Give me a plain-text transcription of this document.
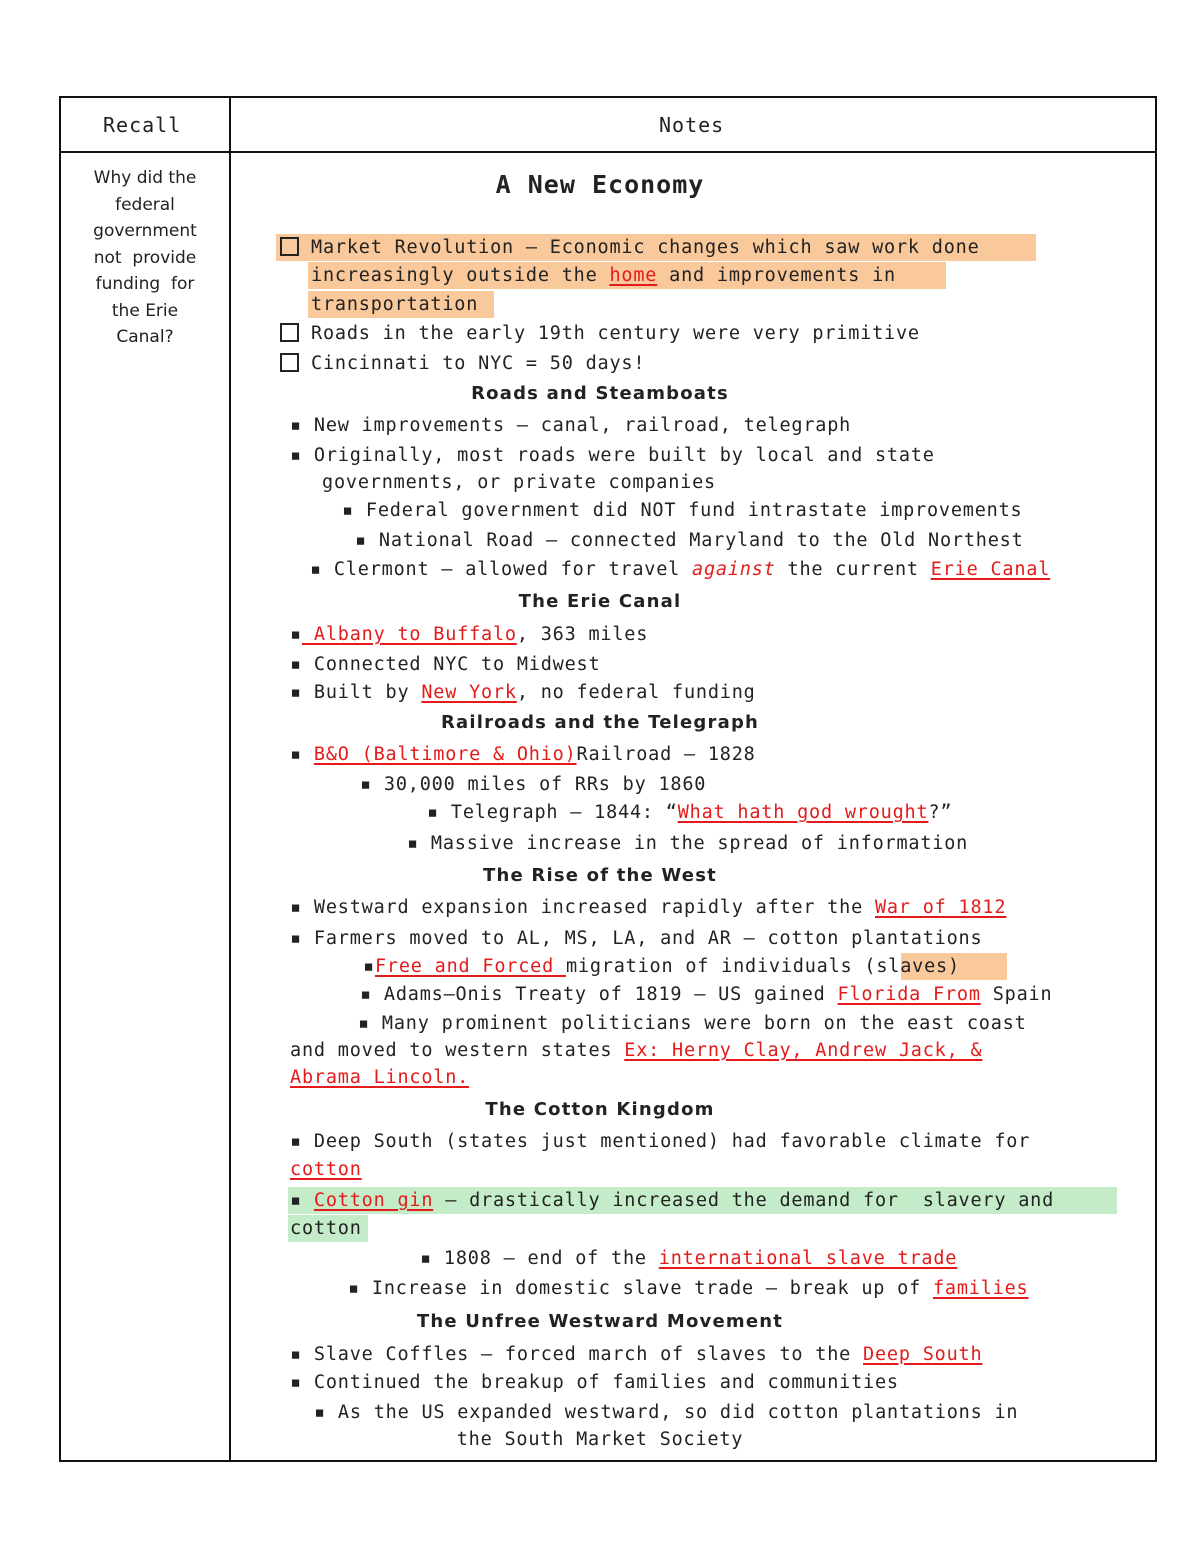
Recall	Notes
Why did the
federal
government
not  provide
funding  for
the Erie
Canal?
A New Economy
Market Revolution – Economic changes which saw work done
increasingly outside the home and improvements in
transportation
Roads in the early 19th century were very primitive
Cincinnati to NYC = 50 days!
Roads and Steamboats
▪ New improvements – canal, railroad, telegraph
▪ Originally, most roads were built by local and state
governments, or private companies
▪ Federal government did NOT fund intrastate improvements
▪ National Road – connected Maryland to the Old Northest
▪ Clermont – allowed for travel against the current Erie Canal
The Erie Canal
▪ Albany to Buffalo, 363 miles
▪ Connected NYC to Midwest
▪ Built by New York, no federal funding
Railroads and the Telegraph
▪ B&O (Baltimore & Ohio)Railroad – 1828
▪ 30,000 miles of RRs by 1860
▪ Telegraph – 1844: “What hath god wrought?”
▪ Massive increase in the spread of information
The Rise of the West
▪ Westward expansion increased rapidly after the War of 1812
▪ Farmers moved to AL, MS, LA, and AR – cotton plantations
▪Free and Forced migration of individuals (slaves)
▪ Adams–Onis Treaty of 1819 – US gained Florida From Spain
▪ Many prominent politicians were born on the east coast
and moved to western states Ex: Herny Clay, Andrew Jack, &
Abrama Lincoln.
The Cotton Kingdom
▪ Deep South (states just mentioned) had favorable climate for
cotton
▪ Cotton gin – drastically increased the demand for  slavery and
cotton
▪ 1808 – end of the international slave trade
▪ Increase in domestic slave trade – break up of families
The Unfree Westward Movement
▪ Slave Coffles – forced march of slaves to the Deep South
▪ Continued the breakup of families and communities
▪ As the US expanded westward, so did cotton plantations in
the South Market Society
